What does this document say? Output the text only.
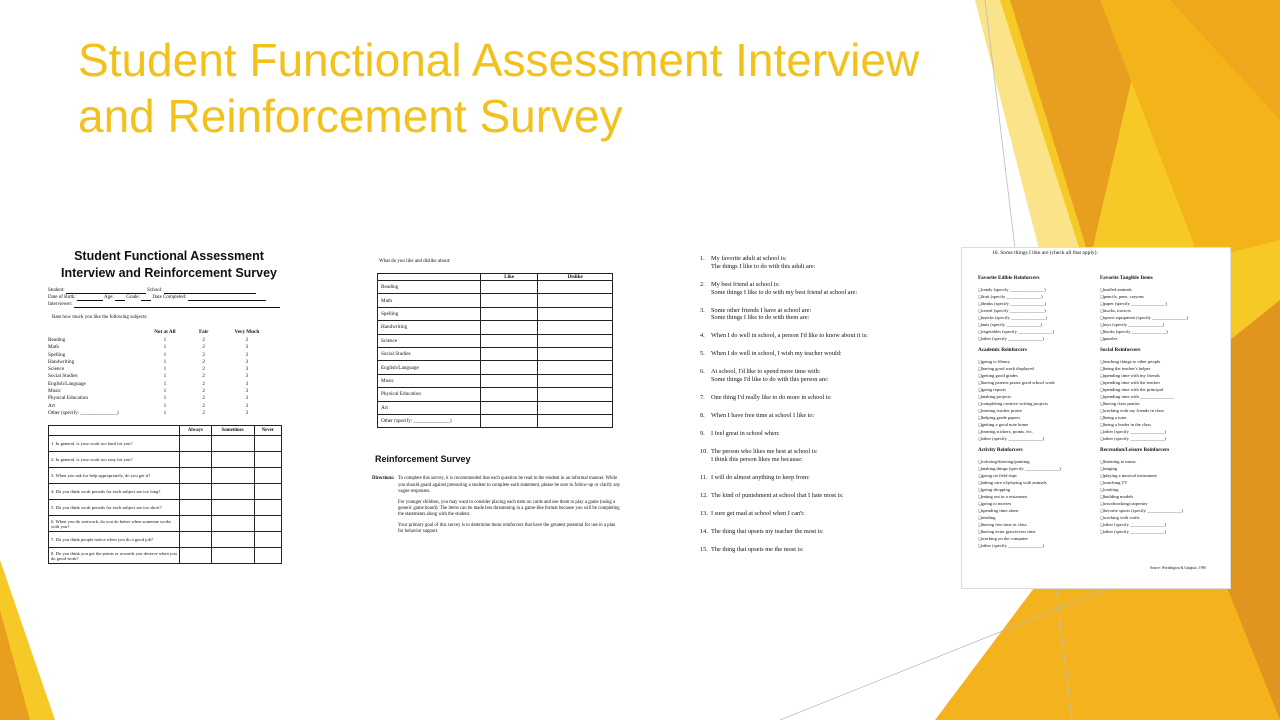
Student Functional Assessment Interview
and Reinforcement Survey
Student Functional Assessment
Interview and Reinforcement Survey
Student:	School:
Date of Birth:	Age:  Grade:  Date Completed:
Interviewer:
Rate how much you like the following subjects:
	Not at All	Fair	Very Much
Reading	1	2	3
Math	1	2	3
Spelling	1	2	3
Handwriting	1	2	3
Science	1	2	3
Social Studies	1	2	3
English/Language	1	2	3
Music	1	2	3
Physical Education	1	2	3
Art	1	2	3
Other (specify: ______________)	1	2	3
	Always	Sometimes	Never
1. In general, is your work too hard for you?			
2. In general, is your work too easy for you?			
3. When you ask for help appropriately, do you get it?			
4. Do you think work periods for each subject are too long?			
5. Do you think work periods for each subject are too short?			
6. When you do seatwork, do you do better when someone works with you?			
7. Do you think people notice when you do a good job?			
8. Do you think you get the points or rewards you deserve when you do good work?			
What do you like and dislike about:
	Like	Dislike
Reading		
Math		
Spelling		
Handwriting		
Science		
Social Studies		
English/Language		
Music		
Physical Education		
Art		
Other (specify: ______________)		
Reinforcement Survey
Directions: To complete this survey, it is recommended that each question be read to the student in an informal manner. While you should guard against pressuring a student to complete each statement, please be sure to follow-up or clarify any vague responses.

For younger children, you may want to consider placing each item on cards and use them to play a game (using a generic game board). The items can be made less threatening in a game-like format because you will be completing the statements along with the student.

Your primary goal of this survey is to determine those reinforcers that have the greatest potential for use in a plan for behavior support.

1. My favorite adult at school is:
The things I like to do with this adult are:
2. My best friend at school is:
Some things I like to do with my best friend at school are:
3. Some other friends I have at school are:
Some things I like to do with them are:
4. When I do well in school, a person I'd like to know about it is:
5. When I do well in school, I wish my teacher would:
6. At school, I'd like to spend more time with:
Some things I'd like to do with this person are:
7. One thing I'd really like to do more in school is:
8. When I have free time at school I like to:
9. I feel great in school when:
10. The person who likes me best at school is:
I think this person likes me because:
11. I will do almost anything to keep from:
12. The kind of punishment at school that I hate most is:
13. I sure get mad at school when I can't:
14. The thing that upsets my teacher the most is:
15. The thing that upsets me the most is:
16. Some things I like are (check all that apply):
Favorite Edible Reinforcers
❏ candy (specify _______________)
❏ fruit (specify _______________)
❏ drinks (specify _______________)
❏ cereal (specify _______________)
❏ snacks (specify _______________)
❏ nuts (specify _______________)
❏ vegetables (specify _______________)
❏ other (specify _______________)
Academic Reinforcers
❏ going to library
❏ having good work displayed
❏ getting good grades
❏ having parents praise good school work
❏ going reports
❏ making projects
❏ completing creative writing projects
❏ earning teacher praise
❏ helping grade papers
❏ getting a good note home
❏ earning stickers, points, etc.
❏ other (specify _______________)
Activity Reinforcers
❏ coloring/drawing/painting
❏ making things (specify _______________)
❏ going on field trips
❏ taking care of/playing with animals
❏ going shopping
❏ eating out in a restaurant
❏ going to movies
❏ spending time alone
❏ reading
❏ having free time in class
❏ having extra gym/recess time
❏ working on the computer
❏ other (specify _______________)
Favorite Tangible Items
❏ stuffed animals
❏ pencils, pens, crayons
❏ paper (specify _______________)
❏ trucks, tractors
❏ sports equipment (specify _______________)
❏ toys (specify _______________)
❏ books (specify _______________)
❏ puzzles
Social Reinforcers
❏ teaching things to other people
❏ being the teacher's helper
❏ spending time with my friends
❏ spending time with the teacher
❏ spending time with the principal
❏ spending time with _______________
❏ having class parties
❏ working with my friends in class
❏ being a tutor
❏ being a leader in the class
❏ other (specify _______________)
❏ other (specify _______________)
Recreation/Leisure Reinforcers
❏ listening to music
❏ singing
❏ playing a musical instrument
❏ watching TV
❏ cooking
❏ building models
❏ woodworking/carpentry
❏ favorite sports (specify _______________)
❏ working with crafts
❏ other (specify _______________)
❏ other (specify _______________)
Source: Worthington & Gargiulo, 1996
